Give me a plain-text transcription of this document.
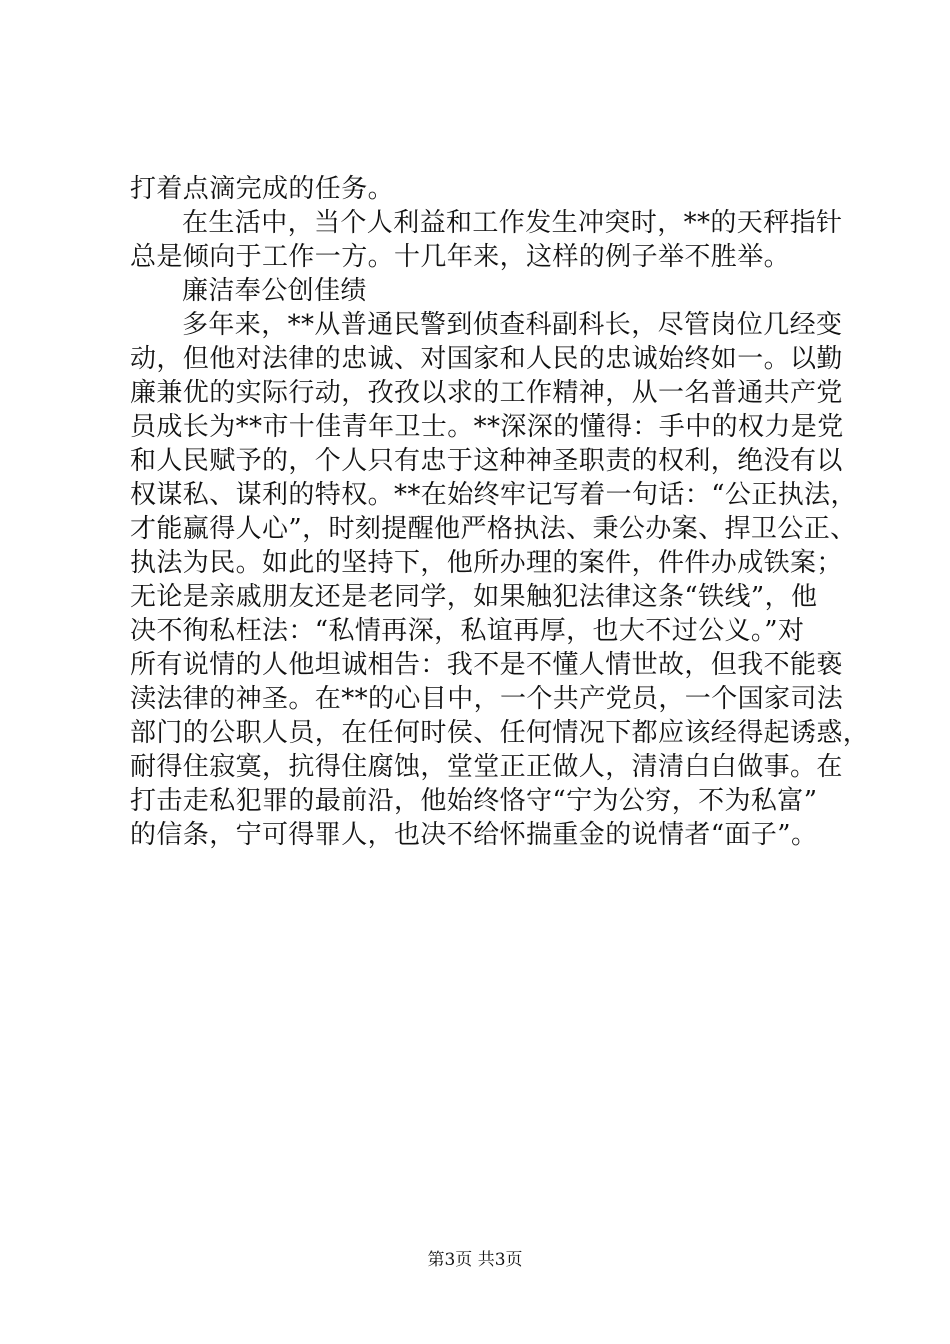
打着点滴完成的任务。
在生活中，当个人利益和工作发生冲突时，**的天秤指针
总是倾向于工作一方。十几年来，这样的例子举不胜举。
廉洁奉公创佳绩
多年来，**从普通民警到侦查科副科长，尽管岗位几经变
动，但他对法律的忠诚、对国家和人民的忠诚始终如一。以勤
廉兼优的实际行动，孜孜以求的工作精神，从一名普通共产党
员成长为**市十佳青年卫士。**深深的懂得：手中的权力是党
和人民赋予的，个人只有忠于这种神圣职责的权利，绝没有以
权谋私、谋利的特权。**在始终牢记写着一句话：“公正执法，
才能赢得人心”，时刻提醒他严格执法、秉公办案、捍卫公正、
执法为民。如此的坚持下，他所办理的案件，件件办成铁案；
无论是亲戚朋友还是老同学，如果触犯法律这条“铁线”，他
决不徇私枉法：“私情再深，私谊再厚，也大不过公义。”对
所有说情的人他坦诚相告：我不是不懂人情世故，但我不能亵
渎法律的神圣。在**的心目中，一个共产党员，一个国家司法
部门的公职人员，在任何时侯、任何情况下都应该经得起诱惑，
耐得住寂寞，抗得住腐蚀，堂堂正正做人，清清白白做事。在
打击走私犯罪的最前沿，他始终恪守“宁为公穷，不为私富”
的信条，宁可得罪人，也决不给怀揣重金的说情者“面子”。
第3页 共3页
